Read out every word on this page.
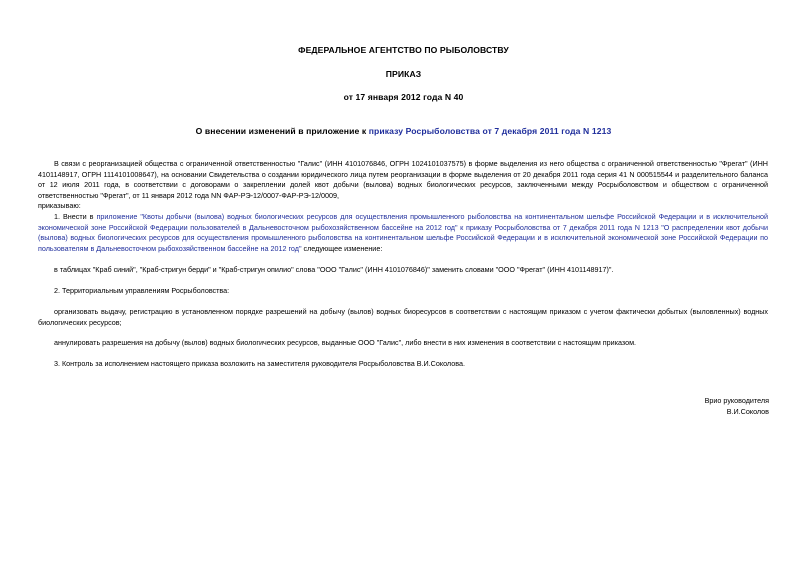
ФЕДЕРАЛЬНОЕ АГЕНТСТВО ПО РЫБОЛОВСТВУ
ПРИКАЗ
от 17 января 2012 года N 40
О внесении изменений в приложение к приказу Росрыболовства от 7 декабря 2011 года N 1213
В связи с реорганизацией общества с ограниченной ответственностью "Галис" (ИНН 4101076846, ОГРН 1024101037575) в форме выделения из него общества с ограниченной ответственностью "Фрегат" (ИНН 4101148917, ОГРН 1114101008647), на основании Свидетельства о создании юридического лица путем реорганизации в форме выделения от 20 декабря 2011 года серия 41 N 000515544 и разделительного баланса от 12 июля 2011 года, в соответствии с договорами о закреплении долей квот добычи (вылова) водных биологических ресурсов, заключенными между Росрыболовством и обществом с ограниченной ответственностью "Фрегат", от 11 января 2012 года NN ФАР-РЭ-12/0007-ФАР-РЭ-12/0009,
приказываю:
1. Внести в приложение "Квоты добычи (вылова) водных биологических ресурсов для осуществления промышленного рыболовства на континентальном шельфе Российской Федерации и в исключительной экономической зоне Российской Федерации пользователей в Дальневосточном рыбохозяйственном бассейне на 2012 год" к приказу Росрыболовства от 7 декабря 2011 года N 1213 "О распределении квот добычи (вылова) водных биологических ресурсов для осуществления промышленного рыболовства на континентальном шельфе Российской Федерации и в исключительной экономической зоне Российской Федерации по пользователям в Дальневосточном рыбохозяйственном бассейне на 2012 год" следующее изменение:
в таблицах "Краб синий", "Краб-стригун берди" и "Краб-стригун опилио" слова "ООО "Галис" (ИНН 4101076846)" заменить словами "ООО "Фрегат" (ИНН 4101148917)".
2. Территориальным управлениям Росрыболовства:
организовать выдачу, регистрацию в установленном порядке разрешений на добычу (вылов) водных биоресурсов в соответствии с настоящим приказом с учетом фактически добытых (выловленных) водных биологических ресурсов;
аннулировать разрешения на добычу (вылов) водных биологических ресурсов, выданные ООО "Галис", либо внести в них изменения в соответствии с настоящим приказом.
3. Контроль за исполнением настоящего приказа возложить на заместителя руководителя Росрыболовства В.И.Соколова.
Врио руководителя
В.И.Соколов
